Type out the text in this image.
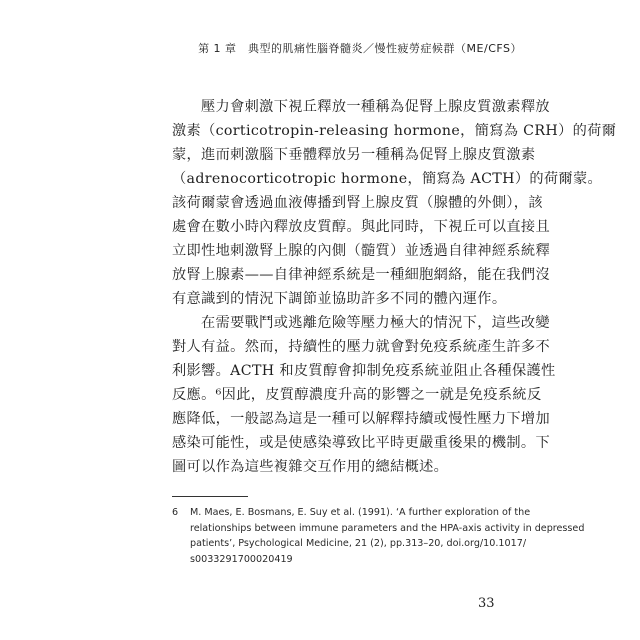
第 1 章　典型的肌痛性腦脊髓炎／慢性疲勞症候群（ME/CFS）
壓力會刺激下視丘釋放一種稱為促腎上腺皮質激素釋放
激素（corticotropin-releasing hormone，簡寫為 CRH）的荷爾
蒙，進而刺激腦下垂體釋放另一種稱為促腎上腺皮質激素
（adrenocorticotropic hormone，簡寫為 ACTH）的荷爾蒙。
該荷爾蒙會透過血液傳播到腎上腺皮質（腺體的外側），該
處會在數小時內釋放皮質醇。與此同時，下視丘可以直接且
立即性地刺激腎上腺的內側（髓質）並透過自律神經系統釋
放腎上腺素——自律神經系統是一種細胞網絡，能在我們沒
有意識到的情況下調節並協助許多不同的體內運作。
在需要戰鬥或逃離危險等壓力極大的情況下，這些改變
對人有益。然而，持續性的壓力就會對免疫系統產生許多不
利影響。ACTH 和皮質醇會抑制免疫系統並阻止各種保護性
反應。⁶因此，皮質醇濃度升高的影響之一就是免疫系統反
應降低，一般認為這是一種可以解釋持續或慢性壓力下增加
感染可能性，或是使感染導致比平時更嚴重後果的機制。下
圖可以作為這些複雜交互作用的總結概述。
6 M. Maes, E. Bosmans, E. Suy et al. (1991). ‘A further exploration of the
relationships between immune parameters and the HPA-axis activity in depressed
patients’, Psychological Medicine, 21 (2), pp.313–20, doi.org/10.1017/
s0033291700020419
33
